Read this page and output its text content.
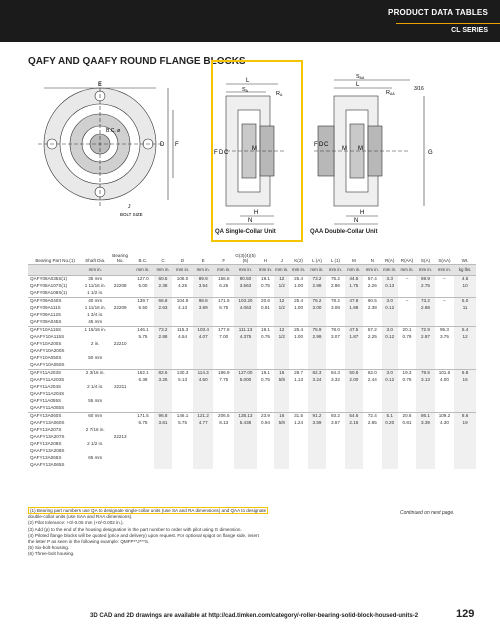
PRODUCT DATA TABLES
CL SERIES
QAFY AND QAAFY ROUND FLANGE BLOCKS
E
B.C. ø
D F
J
BOLT SIZE
L
SA	RA
F D C
M
H
N
L
SAA
RAA
3/16
F D C
M M
G
H
N
QA Single-Collar Unit	QAA Double-Collar Unit
Bearing Part No.(1)	Shaft Dia.	Bearing No.	B.C.	C	D	E	F	G(3)(4)(5)(6)	H	J	K(2)	L (A)	L (1)	M	N	R(A)	R(AA)	S(A)	S(AA)	Wt.
	mm in.		mm in.	mm in.	mm in.	mm in.	mm in.	mm in.	mm in.	mm in.	mm in.	mm in.	mm in.	mm in.	mm in.	mm in.	mm in.	mm in.	mm in.	kg lbs.
QAFY08A035S(1)	35 mm		127.0	60.5	108.0	89.9	158.8	90.50	19.1	12	25.4	73.2	75.2	44.5	57.4	3.3	–	69.9	–	4.5
QAFY08A107S(1)	1 11/16 in.	22208	5.00	2.38	4.25	3.54	6.25	3.563	0.75	1/2	1.00	2.88	2.96	1.75	2.26	0.13		2.75		10
QAFY08A108S(1)	1 1/2 in.																			
QAFY09A040S	40 mm		139.7	66.8	104.9	98.8	171.5	103.20	20.6	12	25.4	76.2	78.2	47.8	60.5	3.0	–	73.2	–	5.0
QAFY09A111S	1 11/16 in.	22209	5.50	2.63	4.13	3.89	6.75	4.063	0.81	1/2	1.00	3.00	3.08	1.88	2.38	0.12		2.88		11
QAFY09A112S	1 3/4 in.																			
QAFY09A045S	45 mm																			
QAFY10A115S	1 15/16 in.		146.1	73.2	115.3	103.4	177.8	111.13	19.1	12	25.4	75.9	78.0	47.5	57.2	3.0	20.1	72.9	95.3	5.4
QAAFY10A115S			5.75	2.88	4.54	4.07	7.00	4.375	0.75	1/2	1.00	2.99	3.07	1.87	2.25	0.12	0.79	2.87	3.75	12
QAFY10A200S	2 in.	22210																		
QAAFY10A200S																				
QAFY10A050S	50 mm																			
QAAFY10A050S																				
QAFY11A203S	2 3/16 in.		162.1	82.6	130.3	114.3	196.9	127.00	19.1	16	28.7	82.3	84.3	50.8	62.0	3.0	19.3	79.5	101.6	6.8
QAAFY11A203S			6.38	3.25	5.13	4.50	7.75	5.000	0.75	5/8	1.13	3.24	3.32	2.00	2.44	0.12	0.76	3.13	4.00	15
QAFY11A204S	2 1/4 in.	22211																		
QAAFY11A204S																				
QAFY11A055S	55 mm																			
QAAFY11A055S																				
QAFY13A060S	60 mm		171.5	96.8	146.1	121.2	206.5	138.13	23.9	16	31.5	91.2	93.2	54.6	72.4	5.1	20.6	86.1	109.2	8.6
QAAFY13A060S			6.75	3.81	5.75	4.77	8.13	5.438	0.94	5/8	1.24	3.59	3.67	2.15	2.85	0.20	0.81	3.39	4.30	19
QAFY13A207S	2 7/16 in.																			
QAAFY13A207S		22213																		
QAFY13A208S	2 1/2 in.																			
QAAFY13A208S																				
QAFY13A065S	65 mm																			
QAAFY13A065S																				
(1) Bearing part numbers use QA to designate single-collar units (use SA and RA dimensions) and QAA to designate
double-collar units (use SAA and RAA dimensions).
(2) Pilot tolerance: +0/-0.05 mm (+0/-0.002 in.).
(3) Add (p) to the end of the housing designation in the part number to order with pilot using G dimension.
(4) Piloted flange blocks will be quoted (price and delivery) upon request. For optional spigot on flange side, insert
the letter P as seen in the following example: QMFP**J***S.
(5) Six-bolt-housing.
(6) Three-bolt housing.
Continued on next page.
3D CAD and 2D drawings are available at http://cad.timken.com/category/-roller-bearing-solid-block-housed-units-2	129
